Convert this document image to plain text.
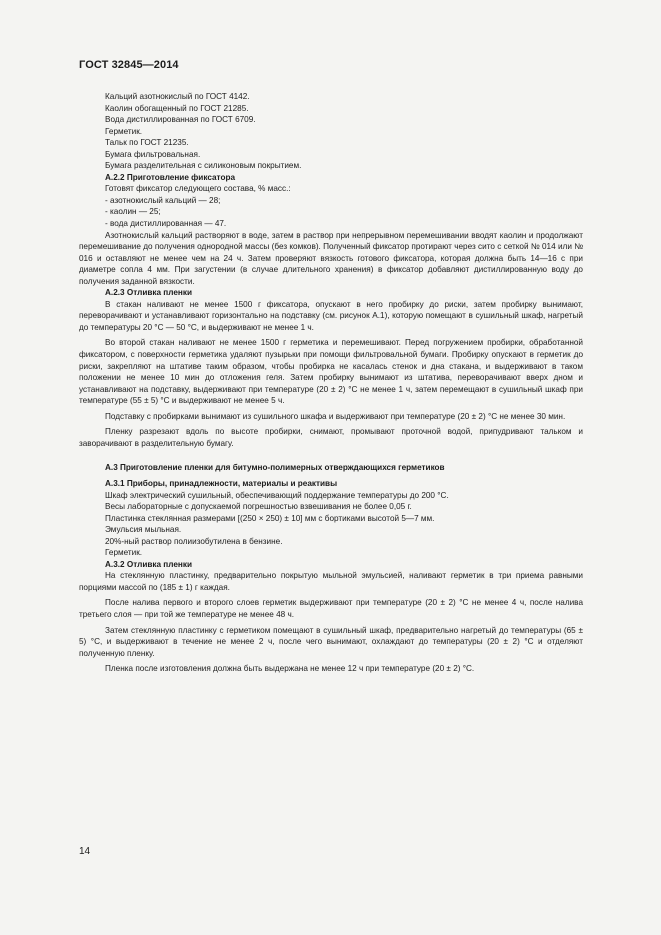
ГОСТ 32845—2014

Кальций азотнокислый по ГОСТ 4142.

Каолин обогащенный по ГОСТ 21285.

Вода дистиллированная по ГОСТ 6709.

Герметик.

Тальк по ГОСТ 21235.

Бумага фильтровальная.

Бумага разделительная с силиконовым покрытием.

А.2.2 Приготовление фиксатора

Готовят фиксатор следующего состава, % масс.:

- азотнокислый кальций — 28;

- каолин — 25;

- вода дистиллированная — 47.

Азотнокислый кальций растворяют в воде, затем в раствор при непрерывном перемешивании вводят каолин и продолжают перемешивание до получения однородной массы (без комков). Полученный фиксатор протирают через сито с сеткой № 014 или № 016 и оставляют не менее чем на 24 ч. Затем проверяют вязкость готового фиксатора, которая должна быть 14—16 с при диаметре сопла 4 мм. При загустении (в случае длительного хранения) в фиксатор добавляют дистиллированную воду до получения заданной вязкости.

А.2.3 Отливка пленки

В стакан наливают не менее 1500 г фиксатора, опускают в него пробирку до риски, затем пробирку вынимают, переворачивают и устанавливают горизонтально на подставку (см. рисунок А.1), которую помещают в сушильный шкаф, нагретый до температуры 20 °C — 50 °C, и выдерживают не менее 1 ч.

Во второй стакан наливают не менее 1500 г герметика и перемешивают. Перед погружением пробирки, обработанной фиксатором, с поверхности герметика удаляют пузырьки при помощи фильтровальной бумаги. Пробирку опускают в герметик до риски, закрепляют на штативе таким образом, чтобы пробирка не касалась стенок и дна стакана, и выдерживают в таком положении не менее 10 мин до отложения геля. Затем пробирку вынимают из штатива, переворачивают вверх дном и устанавливают на подставку, выдерживают при температуре (20 ± 2) °C не менее 1 ч, затем перемещают в сушильный шкаф при температуре (55 ± 5) °C и выдерживают не менее 5 ч.

Подставку с пробирками вынимают из сушильного шкафа и выдерживают при температуре (20 ± 2) °C не менее 30 мин.

Пленку разрезают вдоль по высоте пробирки, снимают, промывают проточной водой, припудривают тальком и заворачивают в разделительную бумагу.

А.3 Приготовление пленки для битумно-полимерных отверждающихся герметиков

А.3.1 Приборы, принадлежности, материалы и реактивы

Шкаф электрический сушильный, обеспечивающий поддержание температуры до 200 °C.

Весы лабораторные с допускаемой погрешностью взвешивания не более 0,05 г.

Пластинка стеклянная размерами [(250 × 250) ± 10] мм с бортиками высотой 5—7 мм.

Эмульсия мыльная.

20%-ный раствор полиизобутилена в бензине.

Герметик.

А.3.2 Отливка пленки

На стеклянную пластинку, предварительно покрытую мыльной эмульсией, наливают герметик в три приема равными порциями массой по (185 ± 1) г каждая.

После налива первого и второго слоев герметик выдерживают при температуре (20 ± 2) °C не менее 4 ч, после налива третьего слоя — при той же температуре не менее 48 ч.

Затем стеклянную пластинку с герметиком помещают в сушильный шкаф, предварительно нагретый до температуры (65 ± 5) °C, и выдерживают в течение не менее 2 ч, после чего вынимают, охлаждают до температуры (20 ± 2) °C и отделяют полученную пленку.

Пленка после изготовления должна быть выдержана не менее 12 ч при температуре (20 ± 2) °C.

14
